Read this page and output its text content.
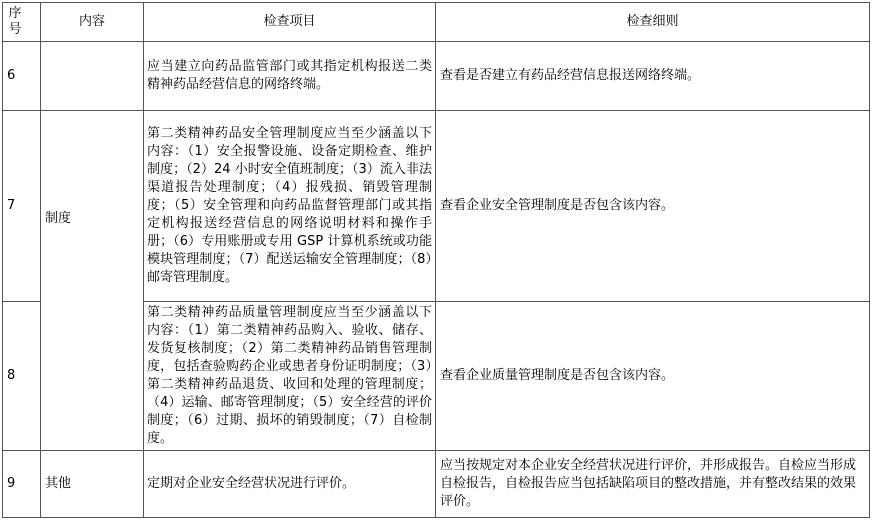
序号	内容	检查项目	检查细则
6		应当建立向药品监管部门或其指定机构报送二类精神药品经营信息的网络终端。	查看是否建立有药品经营信息报送网络终端。
7	制度	第二类精神药品安全管理制度应当至少涵盖以下内容：（1）安全报警设施、设备定期检查、维护制度；（2）24 小时安全值班制度；（3）流入非法渠道报告处理制度；（4）报残损、销毁管理制度；（5）安全管理和向药品监督管理部门或其指定机构报送经营信息的网络说明材料和操作手册；（6）专用账册或专用 GSP 计算机系统或功能模块管理制度；（7）配送运输安全管理制度；（8）邮寄管理制度。	查看企业安全管理制度是否包含该内容。
8		第二类精神药品质量管理制度应当至少涵盖以下内容：（1）第二类精神药品购入、验收、储存、发货复核制度；（2）第二类精神药品销售管理制度，包括查验购药企业或患者身份证明制度；（3）第二类精神药品退货、收回和处理的管理制度；（4）运输、邮寄管理制度；（5）安全经营的评价制度；（6）过期、损坏的销毁制度；（7）自检制度。	查看企业质量管理制度是否包含该内容。
9	其他	定期对企业安全经营状况进行评价。	应当按规定对本企业安全经营状况进行评价，并形成报告。自检应当形成自检报告，自检报告应当包括缺陷项目的整改措施，并有整改结果的效果评价。
